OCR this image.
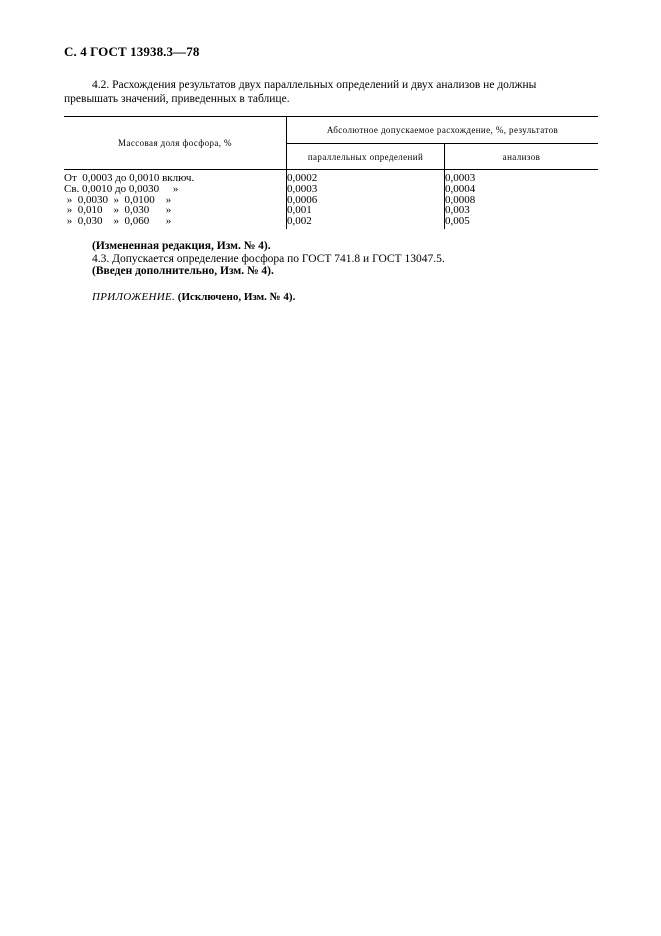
С. 4 ГОСТ 13938.3—78
4.2. Расхождения результатов двух параллельных определений и двух анализов не должны
превышать значений, приведенных в таблице.
Массовая доля фосфора, %	Абсолютное допускаемое расхождение, %, результатов	
	параллельных определений	анализов
От  0,0003 до 0,0010 включ.	0,0002	0,0003
Св. 0,0010 до 0,0030     »	0,0003	0,0004
»  0,0030  »  0,0100    »	0,0006	0,0008
»  0,010    »  0,030      »	0,001	0,003
»  0,030    »  0,060      »	0,002	0,005
(Измененная редакция, Изм. № 4).
4.3. Допускается определение фосфора по ГОСТ 741.8 и ГОСТ 13047.5.
(Введен дополнительно, Изм. № 4).
ПРИЛОЖЕНИЕ. (Исключено, Изм. № 4).
